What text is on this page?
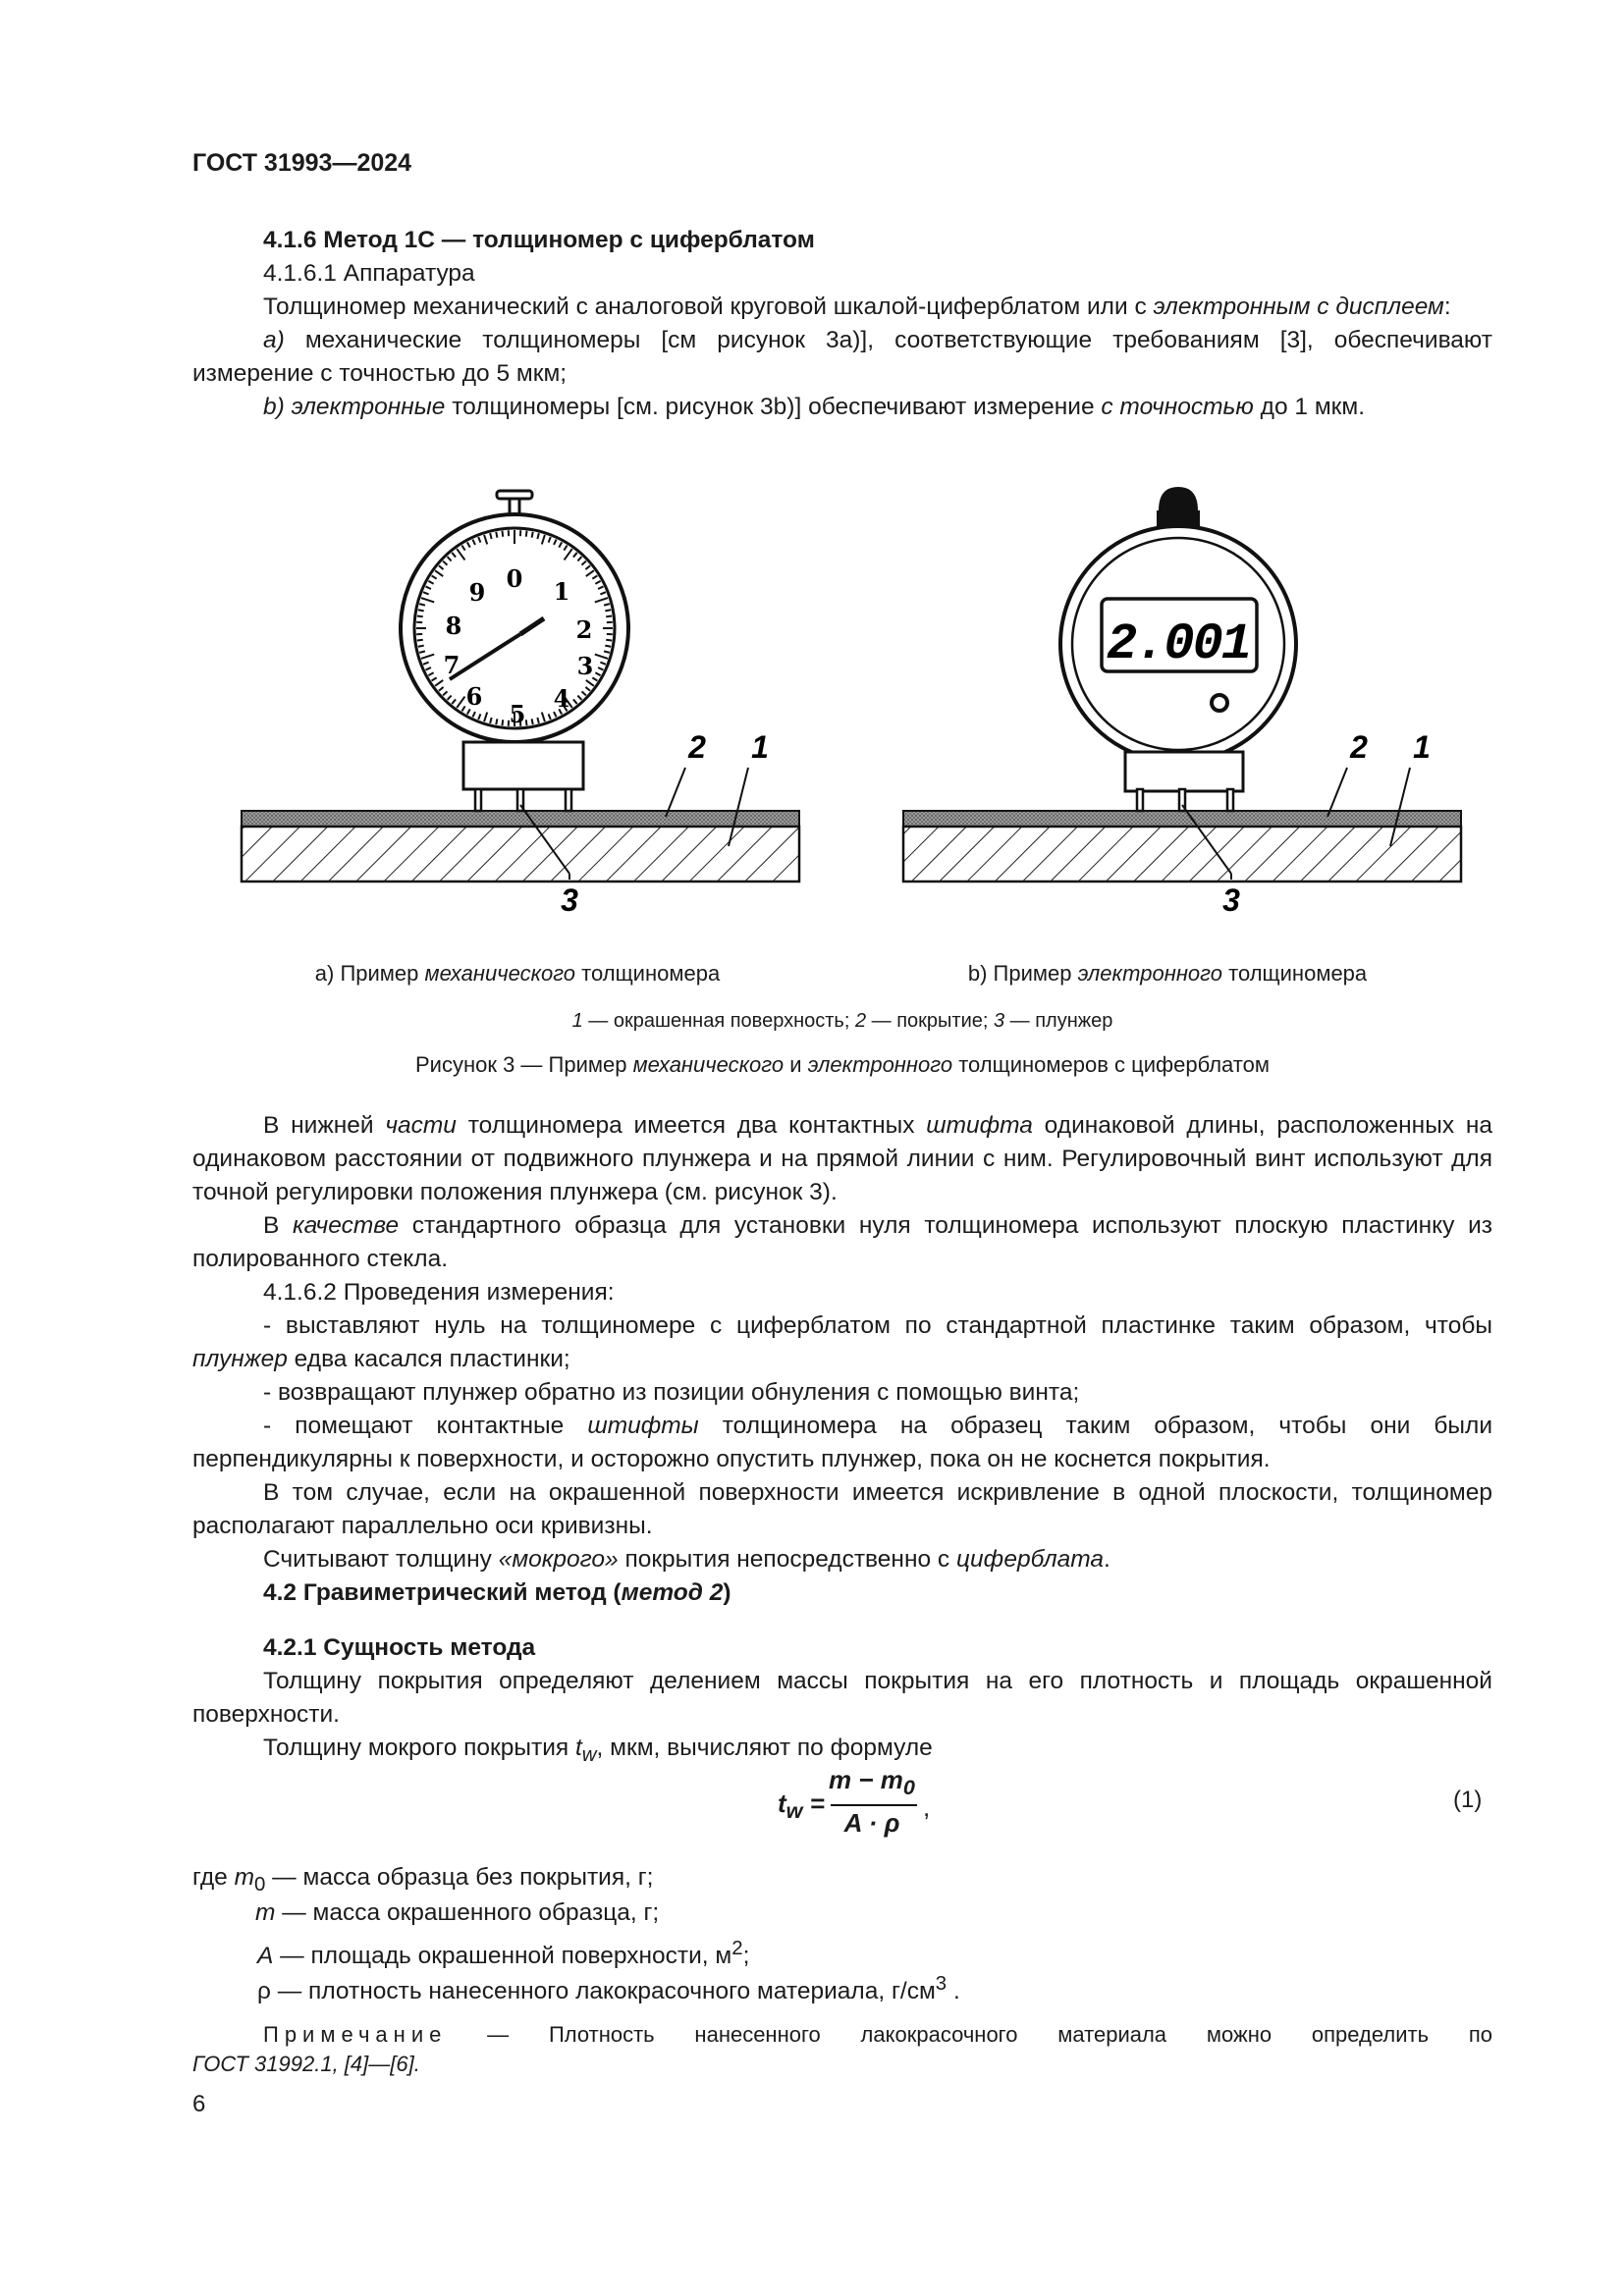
ГОСТ 31993—2024

4.1.6 Метод 1С — толщиномер с циферблатом

4.1.6.1 Аппаратура

Толщиномер механический с аналоговой круговой шкалой-циферблатом или с электронным с дисплеем:

a) механические толщиномеры [см рисунок 3a)], соответствующие требованиям [3], обеспечивают измерение с точностью до 5 мкм;

b) электронные толщиномеры [см. рисунок 3b)] обеспечивают измерение с точностью до 1 мкм.

0 1
2
3
4
5
6
7
8
9
3
2 1
2.001
3
2 1
a) Пример механического толщиномера	b) Пример электронного толщиномера
1 — окрашенная поверхность; 2 — покрытие; 3 — плунжер
Рисунок 3 — Пример механического и электронного толщиномеров с циферблатом

В нижней части толщиномера имеется два контактных штифта одинаковой длины, расположенных на одинаковом расстоянии от подвижного плунжера и на прямой линии с ним. Регулировочный винт используют для точной регулировки положения плунжера (см. рисунок 3).

В качестве стандартного образца для установки нуля толщиномера используют плоскую пластинку из полированного стекла.

4.1.6.2 Проведения измерения:

- выставляют нуль на толщиномере с циферблатом по стандартной пластинке таким образом, чтобы плунжер едва касался пластинки;

- возвращают плунжер обратно из позиции обнуления с помощью винта;

- помещают контактные штифты толщиномера на образец таким образом, чтобы они были перпендикулярны к поверхности, и осторожно опустить плунжер, пока он не коснется покрытия.

В том случае, если на окрашенной поверхности имеется искривление в одной плоскости, толщиномер располагают параллельно оси кривизны.

Считывают толщину «мокрого» покрытия непосредственно с циферблата.

4.2 Гравиметрический метод (метод 2)

4.2.1 Сущность метода

Толщину покрытия определяют делением массы покрытия на его плотность и площадь окрашенной поверхности.

Толщину мокрого покрытия $t_w$, мкм, вычисляют по формуле

$t_w$ =
$m - m_0$
A · ρ
,	(1)
где $m_0$ — масса образца без покрытия, г;
m — масса окрашенного образца, г;
A — площадь окрашенной поверхности, $м^2$;
ρ — плотность нанесенного лакокрасочного материала, $г/см^3$ .
Примечание — Плотность нанесенного лакокрасочного материала можно определить по
ГОСТ 31992.1, [4]—[6].
6
